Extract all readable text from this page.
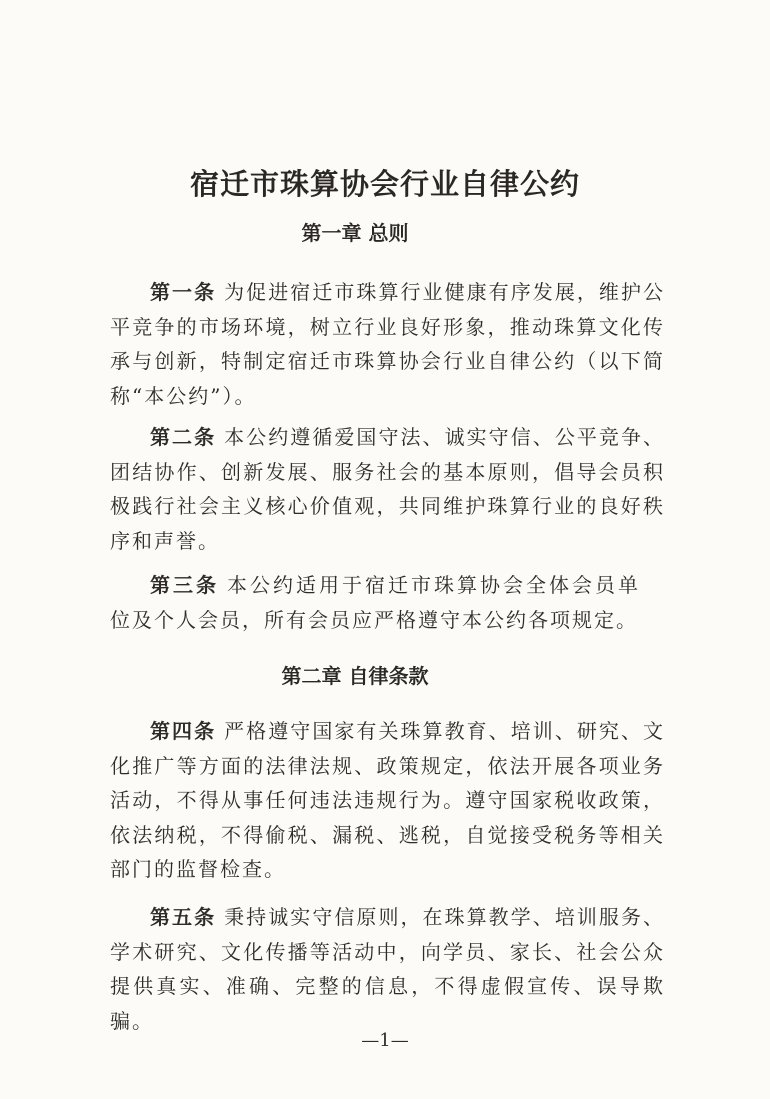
宿迁市珠算协会行业自律公约
第一章 总则

第一条 为促进宿迁市珠算行业健康有序发展，维护公平竞争的市场环境，树立行业良好形象，推动珠算文化传承与创新，特制定宿迁市珠算协会行业自律公约（以下简称“本公约”）。

第二条 本公约遵循爱国守法、诚实守信、公平竞争、团结协作、创新发展、服务社会的基本原则，倡导会员积极践行社会主义核心价值观，共同维护珠算行业的良好秩序和声誉。

第三条 本公约适用于宿迁市珠算协会全体会员单位及个人会员，所有会员应严格遵守本公约各项规定。

第二章 自律条款

第四条 严格遵守国家有关珠算教育、培训、研究、文化推广等方面的法律法规、政策规定，依法开展各项业务活动，不得从事任何违法违规行为。遵守国家税收政策，依法纳税，不得偷税、漏税、逃税，自觉接受税务等相关部门的监督检查。

第五条 秉持诚实守信原则，在珠算教学、培训服务、学术研究、文化传播等活动中，向学员、家长、社会公众提供真实、准确、完整的信息，不得虚假宣传、误导欺骗。

—1—
